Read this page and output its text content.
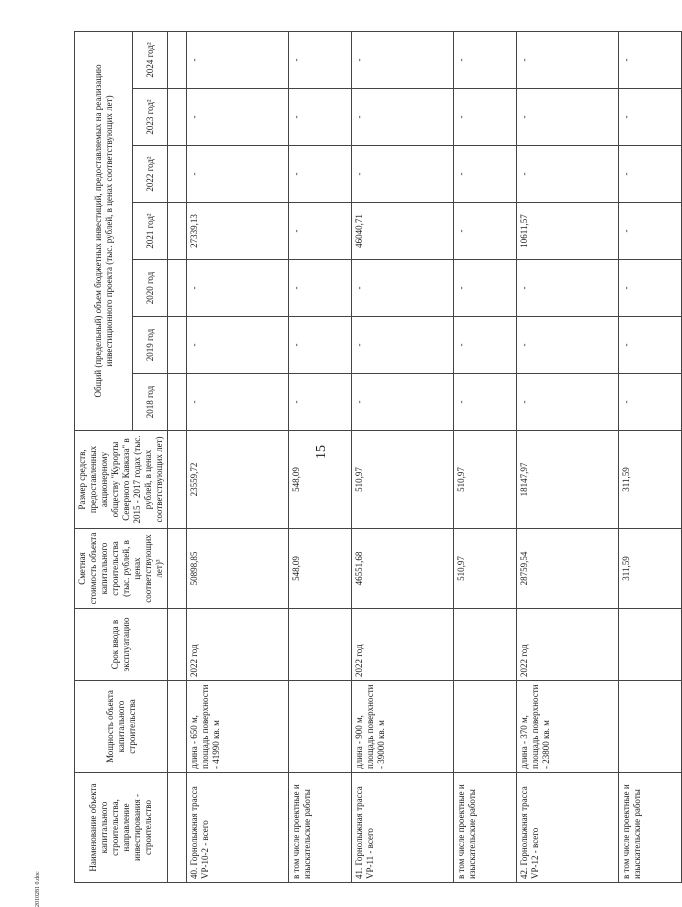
15
2010281 0.doc
Наименование объекта капитального строительства, направление инвестирования - строительство	Мощность объекта капитального строительства	Срок ввода в эксплуатацию	Сметная стоимость объекта капитального строительства (тыс. рублей, в ценах соответствующих лет)³	Размер средств, предоставленных акционерному обществу "Курорты Северного Кавказа" в 2015 - 2017 годах (тыс. рублей, в ценах соответствующих лет)	Общий (предельный) объем бюджетных инвестиций, предоставляемых на реализацию инвестиционного проекта (тыс. рублей, в ценах соответствующих лет)						
					2018 год	2019 год	2020 год	2021 год²	2022 год²	2023 год²	2024 год²

40. Горнолыжная трасса VP-10-2 - всего	длина - 650 м, площадь поверхности - 41990 кв. м	2022 год	50898,85	23559,72	-	-	-	27339,13	-	-	-
в том числе проектные и изыскательские работы			548,09	548,09	-	-	-	-	-	-	-
41. Горнолыжная трасса VP-11 - всего	длина - 900 м, площадь поверхности - 39000 кв. м	2022 год	46551,68	510,97	-	-	-	46040,71	-	-	-
в том числе проектные и изыскательские работы			510,97	510,97	-	-	-	-	-	-	-
42. Горнолыжная трасса VP-12 - всего	длина - 370 м, площадь поверхности - 23800 кв. м	2022 год	28759,54	18147,97	-	-	-	10611,57	-	-	-
в том числе проектные и изыскательские работы			311,59	311,59	-	-	-	-	-	-	-
